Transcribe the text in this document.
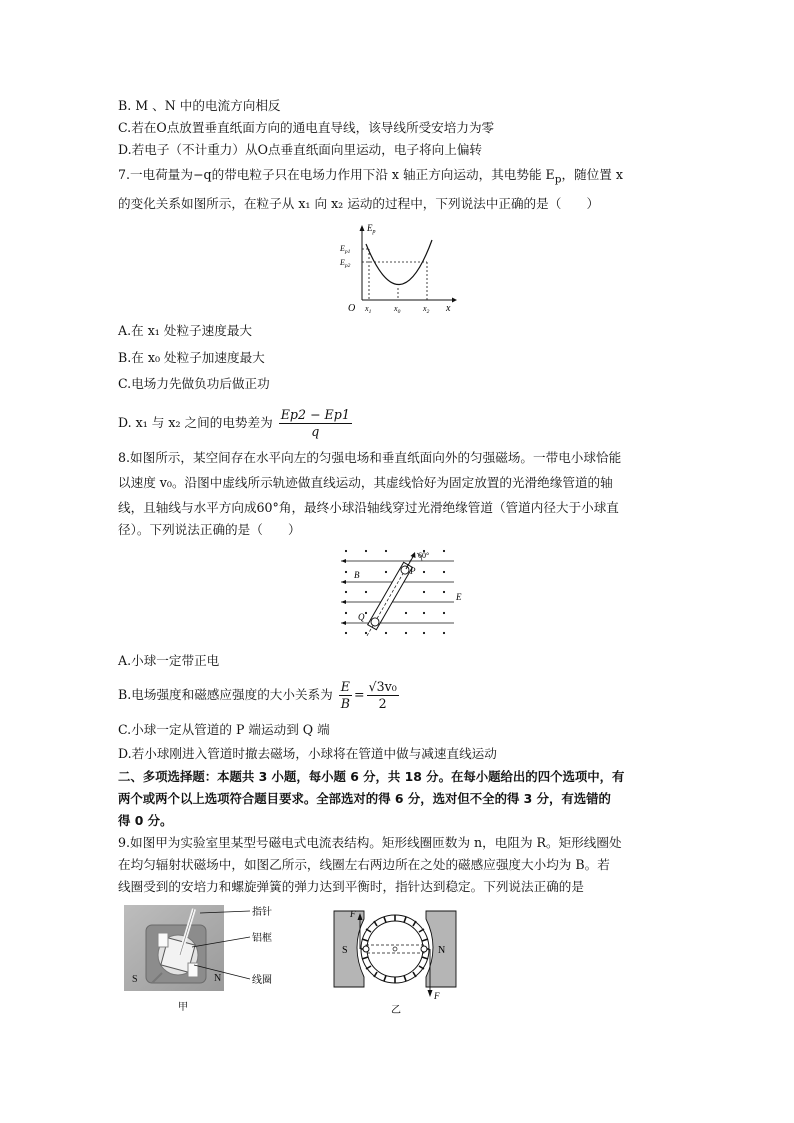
B. M 、N 中的电流方向相反
C.若在O点放置垂直纸面方向的通电直导线，该导线所受安培力为零
D.若电子（不计重力）从O点垂直纸面向里运动，电子将向上偏转
7.一电荷量为−q的带电粒子只在电场力作用下沿 x 轴正方向运动，其电势能 $E_p$，随位置 x
的变化关系如图所示，在粒子从 x₁ 向 x₂ 运动的过程中，下列说法中正确的是（　　）
$E_p$
$E_{p1}$
$E_{p2}$
O $x_1$	$x_0$	$x_2$ x
A.在 x₁ 处粒子速度最大
B.在 x₀ 处粒子加速度最大
C.电场力先做负功后做正功
D. x₁ 与 x₂ 之间的电势差为 $\frac{Ep2 - Ep1}{q}$
8.如图所示，某空间存在水平向左的匀强电场和垂直纸面向外的匀强磁场。一带电小球恰能
以速度 v₀。沿图中虚线所示轨迹做直线运动，其虚线恰好为固定放置的光滑绝缘管道的轴
线，且轴线与水平方向成60°角，最终小球沿轴线穿过光滑绝缘管道（管道内径大于小球直
径）。下列说法正确的是（　　）
60°
B	P
Q
E
A.小球一定带正电
B.电场强度和磁感应强度的大小关系为 $\frac{E}{B} = \frac{\text{√3v₀}}{2}$
C.小球一定从管道的 P 端运动到 Q 端
D.若小球刚进入管道时撤去磁场，小球将在管道中做与减速直线运动
二、多项选择题：本题共 3 小题，每小题 6 分，共 18 分。在每小题给出的四个选项中，有
两个或两个以上选项符合题目要求。全部选对的得 6 分，选对但不全的得 3 分，有选错的
得 0 分。
9.如图甲为实验室里某型号磁电式电流表结构。矩形线圈匝数为 n，电阻为 R。矩形线圈处
在均匀辐射状磁场中，如图乙所示，线圈左右两边所在之处的磁感应强度大小均为 B。若
线圈受到的安培力和螺旋弹簧的弹力达到平衡时，指针达到稳定。下列说法正确的是
S	N
指针
铝框
线圈
甲
F
F
S	N
乙
